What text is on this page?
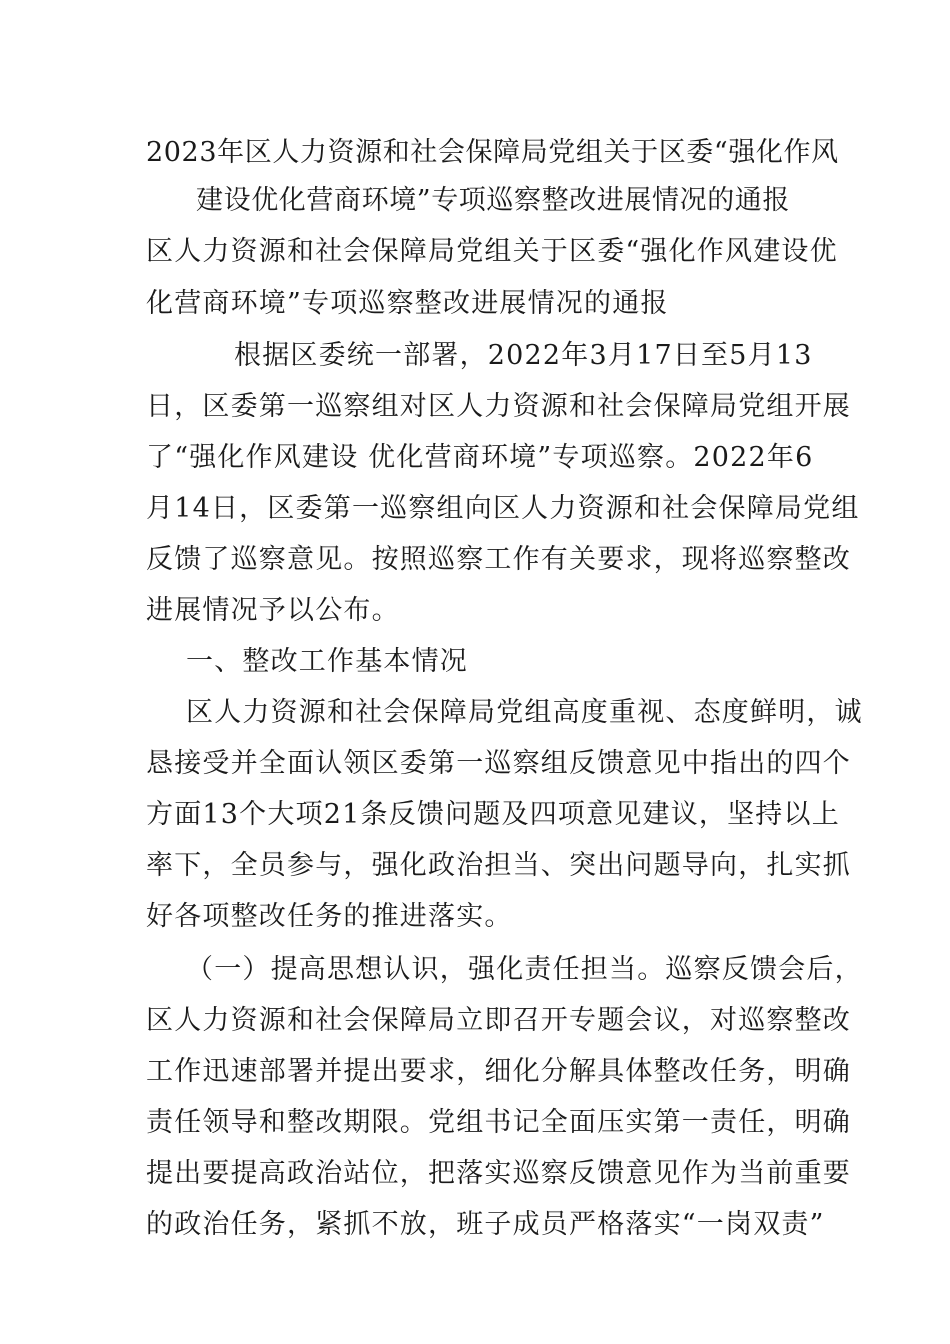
2023年区人力资源和社会保障局党组关于区委“强化作风
建设优化营商环境”专项巡察整改进展情况的通报
区人力资源和社会保障局党组关于区委“强化作风建设优
化营商环境”专项巡察整改进展情况的通报
根据区委统一部署，2022年3月17日至5月13
日，区委第一巡察组对区人力资源和社会保障局党组开展
了“强化作风建设 优化营商环境”专项巡察。2022年6
月14日，区委第一巡察组向区人力资源和社会保障局党组
反馈了巡察意见。按照巡察工作有关要求，现将巡察整改
进展情况予以公布。
一、整改工作基本情况
区人力资源和社会保障局党组高度重视、态度鲜明，诚
恳接受并全面认领区委第一巡察组反馈意见中指出的四个
方面13个大项21条反馈问题及四项意见建议，坚持以上
率下，全员参与，强化政治担当、突出问题导向，扎实抓
好各项整改任务的推进落实。
（一）提高思想认识，强化责任担当。巡察反馈会后，
区人力资源和社会保障局立即召开专题会议，对巡察整改
工作迅速部署并提出要求，细化分解具体整改任务，明确
责任领导和整改期限。党组书记全面压实第一责任，明确
提出要提高政治站位，把落实巡察反馈意见作为当前重要
的政治任务，紧抓不放，班子成员严格落实“一岗双责”
